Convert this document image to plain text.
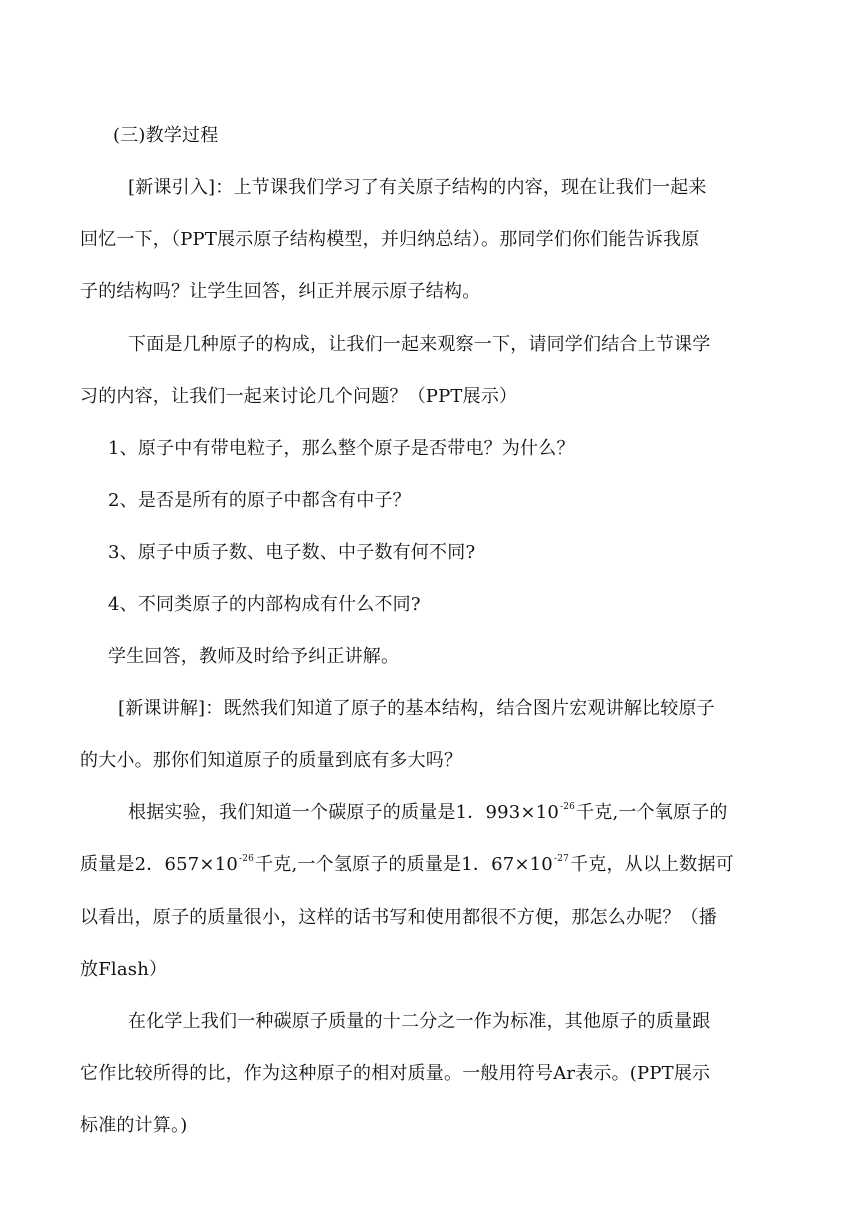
(三)教学过程
[新课引入]：上节课我们学习了有关原子结构的内容，现在让我们一起来
回忆一下，（PPT展示原子结构模型，并归纳总结）。那同学们你们能告诉我原
子的结构吗？让学生回答，纠正并展示原子结构。
下面是几种原子的构成，让我们一起来观察一下，请同学们结合上节课学
习的内容，让我们一起来讨论几个问题？（PPT展示）
1、原子中有带电粒子，那么整个原子是否带电？为什么？
2、是否是所有的原子中都含有中子？
3、原子中质子数、电子数、中子数有何不同?
4、不同类原子的内部构成有什么不同?
学生回答，教师及时给予纠正讲解。
[新课讲解]：既然我们知道了原子的基本结构，结合图片宏观讲解比较原子
的大小。那你们知道原子的质量到底有多大吗？
根据实验，我们知道一个碳原子的质量是1．$993\times 10^{-26}$千克,一个氧原子的
质量是2．$657\times 10^{-26}$千克,一个氢原子的质量是1．$67\times 10^{-27}$千克，从以上数据可
以看出，原子的质量很小，这样的话书写和使用都很不方便，那怎么办呢？（播
放Flash）
在化学上我们一种碳原子质量的十二分之一作为标准，其他原子的质量跟
它作比较所得的比，作为这种原子的相对质量。一般用符号Ar表示。(PPT展示
标准的计算。)
